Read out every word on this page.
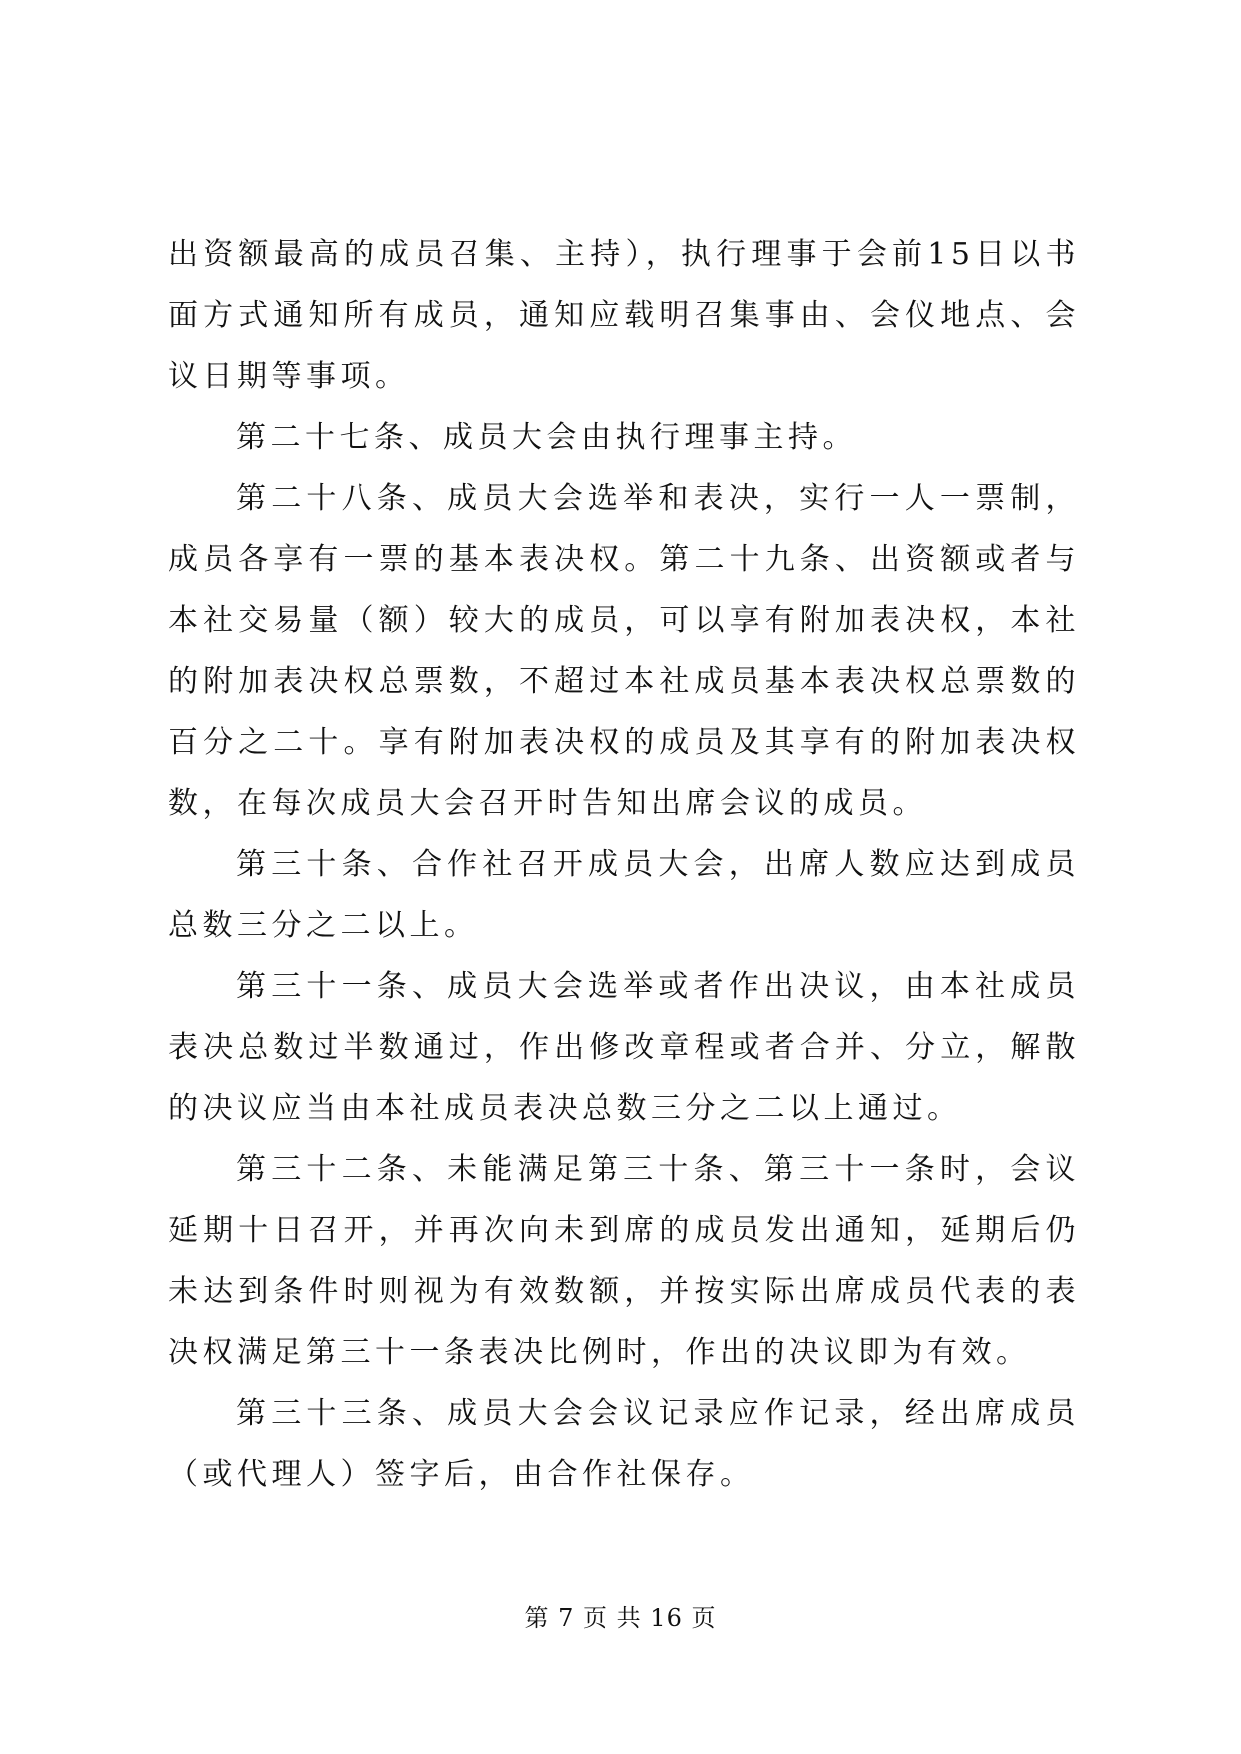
出资额最高的成员召集、主持），执行理事于会前15日以书面方式通知所有成员，通知应载明召集事由、会仪地点、会议日期等事项。

第二十七条、成员大会由执行理事主持。

第二十八条、成员大会选举和表决，实行一人一票制，成员各享有一票的基本表决权。第二十九条、出资额或者与本社交易量（额）较大的成员，可以享有附加表决权，本社的附加表决权总票数，不超过本社成员基本表决权总票数的百分之二十。享有附加表决权的成员及其享有的附加表决权数，在每次成员大会召开时告知出席会议的成员。

第三十条、合作社召开成员大会，出席人数应达到成员总数三分之二以上。

第三十一条、成员大会选举或者作出决议，由本社成员表决总数过半数通过，作出修改章程或者合并、分立，解散的决议应当由本社成员表决总数三分之二以上通过。

第三十二条、未能满足第三十条、第三十一条时，会议延期十日召开，并再次向未到席的成员发出通知，延期后仍未达到条件时则视为有效数额，并按实际出席成员代表的表决权满足第三十一条表决比例时，作出的决议即为有效。

第三十三条、成员大会会议记录应作记录，经出席成员（或代理人）签字后，由合作社保存。

第 7 页 共 16 页
